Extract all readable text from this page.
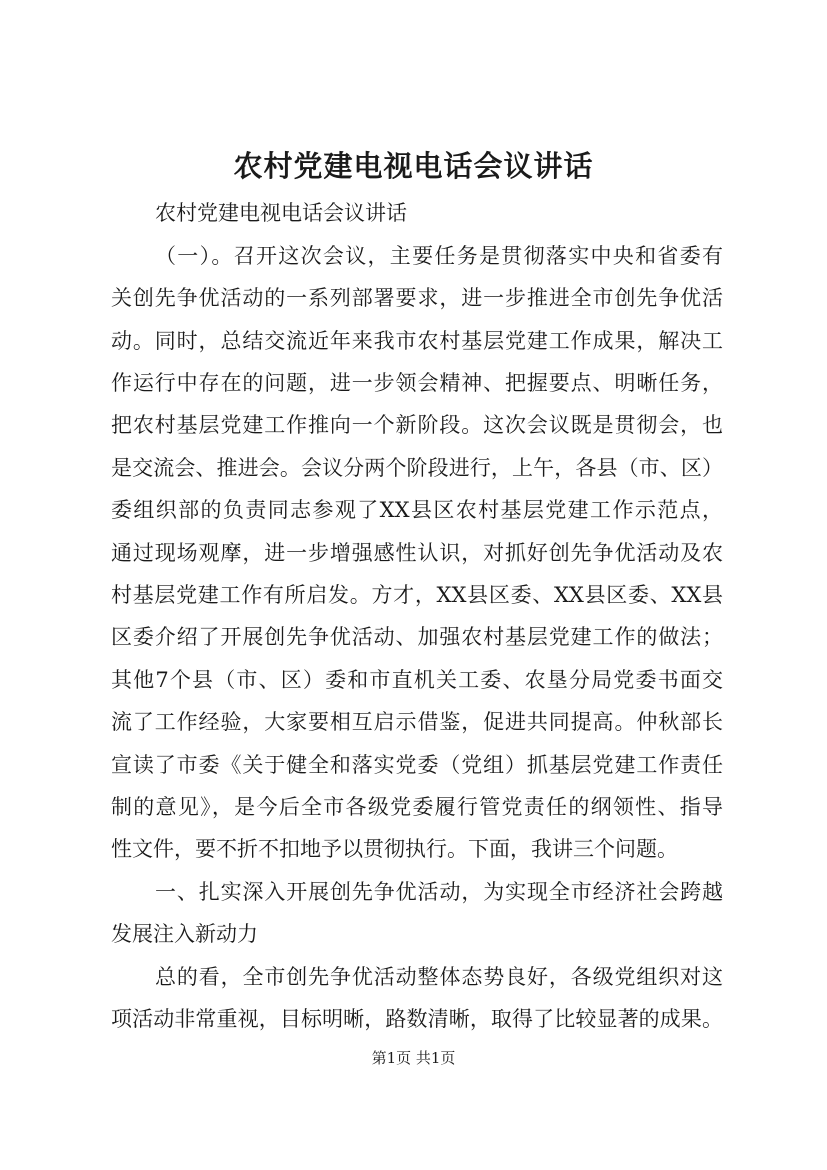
农村党建电视电话会议讲话
农村党建电视电话会议讲话
（一）。召开这次会议，主要任务是贯彻落实中央和省委有
关创先争优活动的一系列部署要求，进一步推进全市创先争优活
动。同时，总结交流近年来我市农村基层党建工作成果，解决工
作运行中存在的问题，进一步领会精神、把握要点、明晰任务，
把农村基层党建工作推向一个新阶段。这次会议既是贯彻会，也
是交流会、推进会。会议分两个阶段进行，上午，各县（市、区）
委组织部的负责同志参观了XX县区农村基层党建工作示范点，
通过现场观摩，进一步增强感性认识，对抓好创先争优活动及农
村基层党建工作有所启发。方才，XX县区委、XX县区委、XX县
区委介绍了开展创先争优活动、加强农村基层党建工作的做法；
其他7个县（市、区）委和市直机关工委、农垦分局党委书面交
流了工作经验，大家要相互启示借鉴，促进共同提高。仲秋部长
宣读了市委《关于健全和落实党委（党组）抓基层党建工作责任
制的意见》，是今后全市各级党委履行管党责任的纲领性、指导
性文件，要不折不扣地予以贯彻执行。下面，我讲三个问题。
一、扎实深入开展创先争优活动，为实现全市经济社会跨越
发展注入新动力
总的看，全市创先争优活动整体态势良好，各级党组织对这
项活动非常重视，目标明晰，路数清晰，取得了比较显著的成果。
第1页 共1页
